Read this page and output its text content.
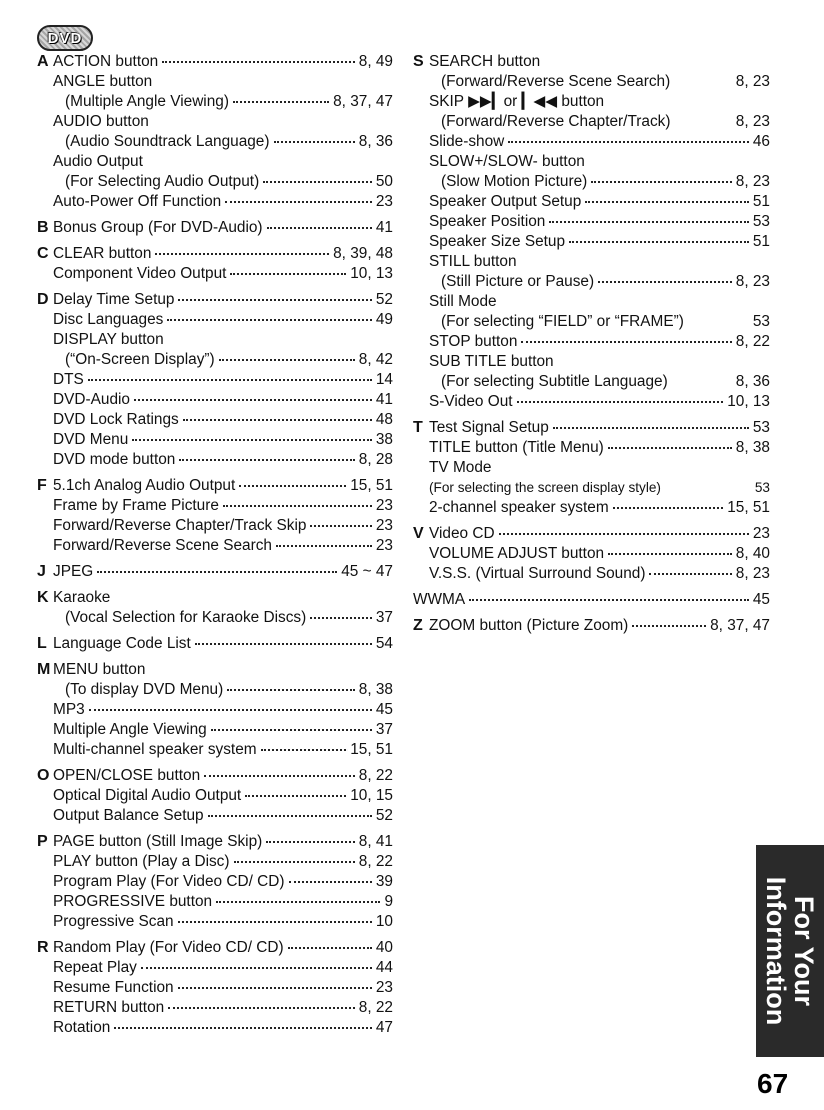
DVD
A ACTION button	8, 49
ANGLE button
(Multiple Angle Viewing)	8, 37, 47
AUDIO button
(Audio Soundtrack Language)	8, 36
Audio Output
(For Selecting Audio Output)	50
Auto-Power Off Function	23
B Bonus Group (For DVD-Audio)	41
C CLEAR button	8, 39, 48
Component Video Output	10, 13
D Delay Time Setup	52
Disc Languages	49
DISPLAY button
(“On-Screen Display”)	8, 42
DTS	14
DVD-Audio	41
DVD Lock Ratings	48
DVD Menu	38
DVD mode button	8, 28
F 5.1ch Analog Audio Output	15, 51
Frame by Frame Picture	23
Forward/Reverse Chapter/Track Skip	23
Forward/Reverse Scene Search	23
J JPEG	45 ~ 47
K Karaoke
(Vocal Selection for Karaoke Discs)	37
L Language Code List	54
M MENU button
(To display DVD Menu)	8, 38
MP3	45
Multiple Angle Viewing	37
Multi-channel speaker system	15, 51
O OPEN/CLOSE button	8, 22
Optical Digital Audio Output	10, 15
Output Balance Setup	52
P PAGE button (Still Image Skip)	8, 41
PLAY button (Play a Disc)	8, 22
Program Play (For Video CD/ CD)	39
PROGRESSIVE button	9
Progressive Scan	10
R Random Play (For Video CD/ CD)	40
Repeat Play	44
Resume Function	23
RETURN button	8, 22
Rotation	47
S SEARCH button
(Forward/Reverse Scene Search)	8, 23
SKIP ▶▶▎or ▎◀◀ button
(Forward/Reverse Chapter/Track)	8, 23
Slide-show	46
SLOW+/SLOW- button
(Slow Motion Picture)	8, 23
Speaker Output Setup	51
Speaker Position	53
Speaker Size Setup	51
STILL button
(Still Picture or Pause)	8, 23
Still Mode
(For selecting “FIELD” or “FRAME”)	53
STOP button	8, 22
SUB TITLE button
(For selecting Subtitle Language)	8, 36
S-Video Out	10, 13
T Test Signal Setup	53
TITLE button (Title Menu)	8, 38
TV Mode
(For selecting the screen display style)	53
2-channel speaker system	15, 51
V Video CD	23
VOLUME ADJUST button	8, 40
V.S.S. (Virtual Surround Sound)	8, 23
WWMA	45
Z ZOOM button (Picture Zoom)	8, 37, 47
For Your
Information
67
